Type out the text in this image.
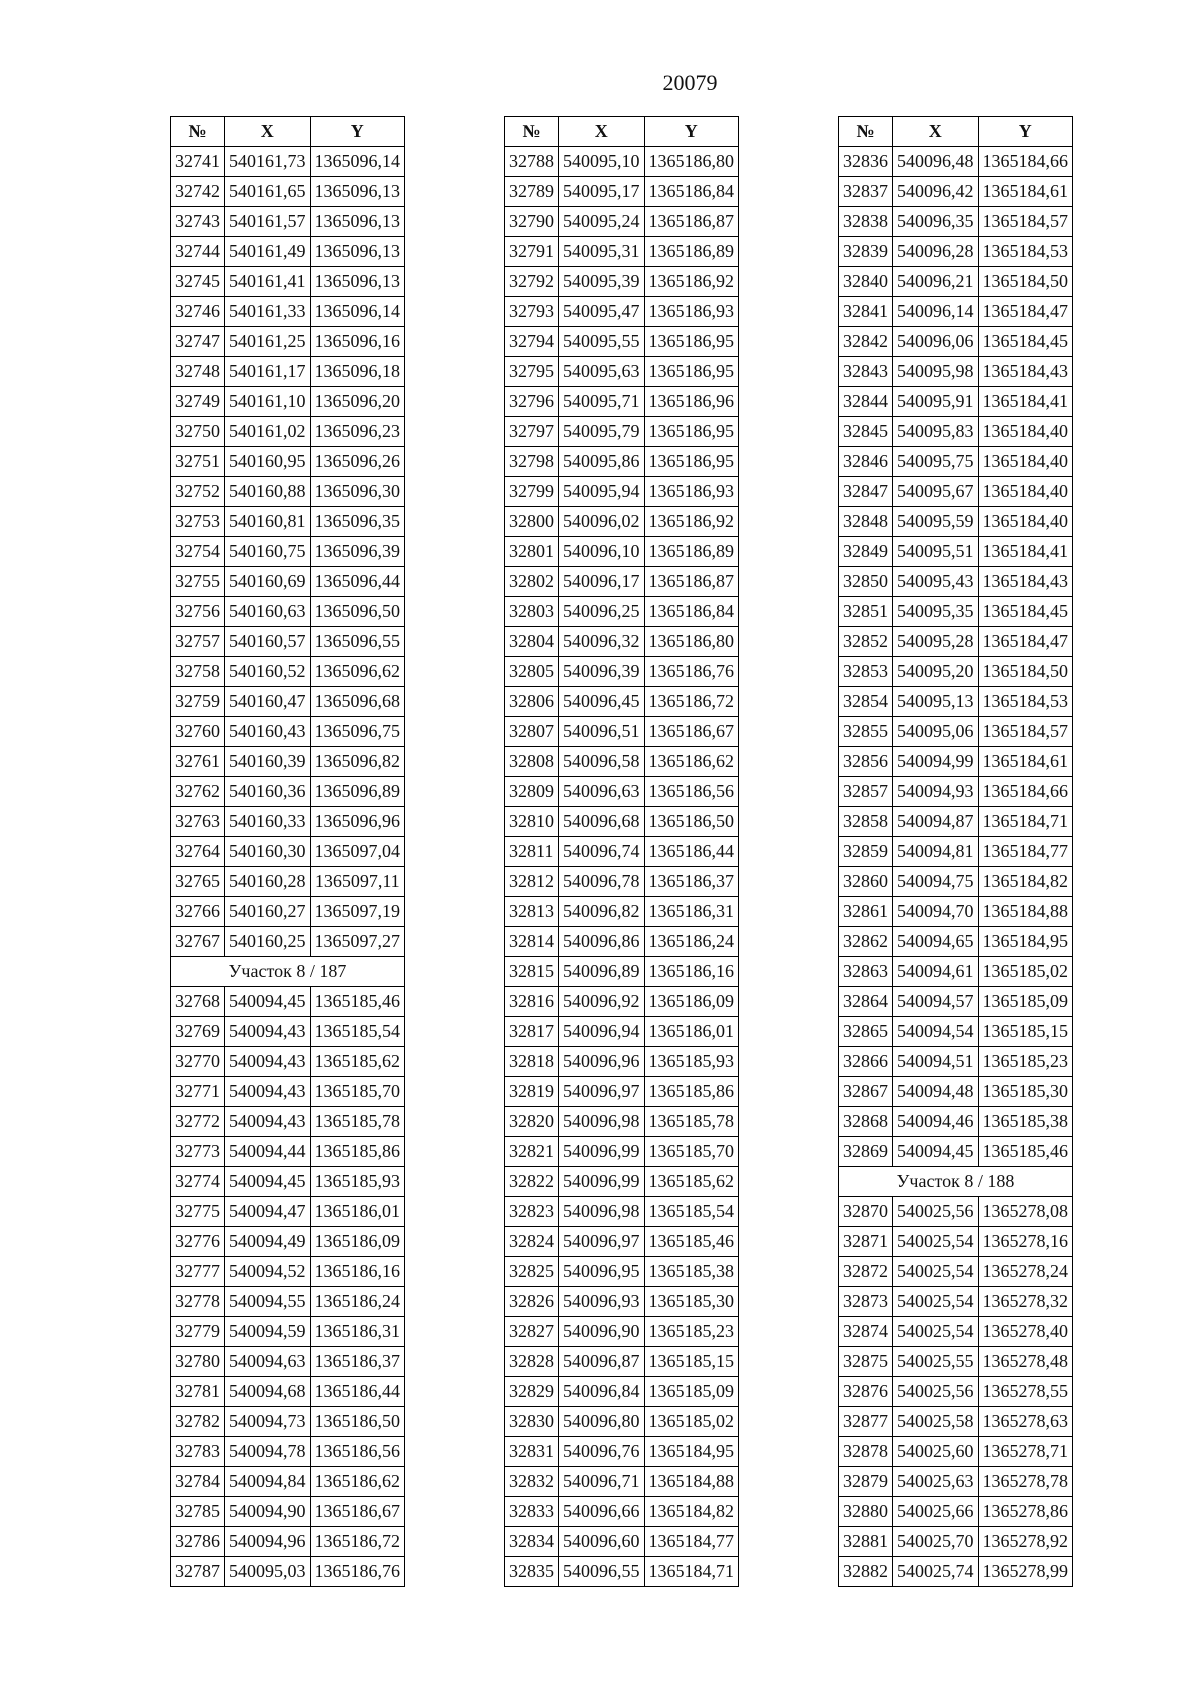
20079
№	X	Y
32741	540161,73	1365096,14
32742	540161,65	1365096,13
32743	540161,57	1365096,13
32744	540161,49	1365096,13
32745	540161,41	1365096,13
32746	540161,33	1365096,14
32747	540161,25	1365096,16
32748	540161,17	1365096,18
32749	540161,10	1365096,20
32750	540161,02	1365096,23
32751	540160,95	1365096,26
32752	540160,88	1365096,30
32753	540160,81	1365096,35
32754	540160,75	1365096,39
32755	540160,69	1365096,44
32756	540160,63	1365096,50
32757	540160,57	1365096,55
32758	540160,52	1365096,62
32759	540160,47	1365096,68
32760	540160,43	1365096,75
32761	540160,39	1365096,82
32762	540160,36	1365096,89
32763	540160,33	1365096,96
32764	540160,30	1365097,04
32765	540160,28	1365097,11
32766	540160,27	1365097,19
32767	540160,25	1365097,27
Участок 8 / 187		
32768	540094,45	1365185,46
32769	540094,43	1365185,54
32770	540094,43	1365185,62
32771	540094,43	1365185,70
32772	540094,43	1365185,78
32773	540094,44	1365185,86
32774	540094,45	1365185,93
32775	540094,47	1365186,01
32776	540094,49	1365186,09
32777	540094,52	1365186,16
32778	540094,55	1365186,24
32779	540094,59	1365186,31
32780	540094,63	1365186,37
32781	540094,68	1365186,44
32782	540094,73	1365186,50
32783	540094,78	1365186,56
32784	540094,84	1365186,62
32785	540094,90	1365186,67
32786	540094,96	1365186,72
32787	540095,03	1365186,76
№	X	Y
32788	540095,10	1365186,80
32789	540095,17	1365186,84
32790	540095,24	1365186,87
32791	540095,31	1365186,89
32792	540095,39	1365186,92
32793	540095,47	1365186,93
32794	540095,55	1365186,95
32795	540095,63	1365186,95
32796	540095,71	1365186,96
32797	540095,79	1365186,95
32798	540095,86	1365186,95
32799	540095,94	1365186,93
32800	540096,02	1365186,92
32801	540096,10	1365186,89
32802	540096,17	1365186,87
32803	540096,25	1365186,84
32804	540096,32	1365186,80
32805	540096,39	1365186,76
32806	540096,45	1365186,72
32807	540096,51	1365186,67
32808	540096,58	1365186,62
32809	540096,63	1365186,56
32810	540096,68	1365186,50
32811	540096,74	1365186,44
32812	540096,78	1365186,37
32813	540096,82	1365186,31
32814	540096,86	1365186,24
32815	540096,89	1365186,16
32816	540096,92	1365186,09
32817	540096,94	1365186,01
32818	540096,96	1365185,93
32819	540096,97	1365185,86
32820	540096,98	1365185,78
32821	540096,99	1365185,70
32822	540096,99	1365185,62
32823	540096,98	1365185,54
32824	540096,97	1365185,46
32825	540096,95	1365185,38
32826	540096,93	1365185,30
32827	540096,90	1365185,23
32828	540096,87	1365185,15
32829	540096,84	1365185,09
32830	540096,80	1365185,02
32831	540096,76	1365184,95
32832	540096,71	1365184,88
32833	540096,66	1365184,82
32834	540096,60	1365184,77
32835	540096,55	1365184,71
№	X	Y
32836	540096,48	1365184,66
32837	540096,42	1365184,61
32838	540096,35	1365184,57
32839	540096,28	1365184,53
32840	540096,21	1365184,50
32841	540096,14	1365184,47
32842	540096,06	1365184,45
32843	540095,98	1365184,43
32844	540095,91	1365184,41
32845	540095,83	1365184,40
32846	540095,75	1365184,40
32847	540095,67	1365184,40
32848	540095,59	1365184,40
32849	540095,51	1365184,41
32850	540095,43	1365184,43
32851	540095,35	1365184,45
32852	540095,28	1365184,47
32853	540095,20	1365184,50
32854	540095,13	1365184,53
32855	540095,06	1365184,57
32856	540094,99	1365184,61
32857	540094,93	1365184,66
32858	540094,87	1365184,71
32859	540094,81	1365184,77
32860	540094,75	1365184,82
32861	540094,70	1365184,88
32862	540094,65	1365184,95
32863	540094,61	1365185,02
32864	540094,57	1365185,09
32865	540094,54	1365185,15
32866	540094,51	1365185,23
32867	540094,48	1365185,30
32868	540094,46	1365185,38
32869	540094,45	1365185,46
Участок 8 / 188		
32870	540025,56	1365278,08
32871	540025,54	1365278,16
32872	540025,54	1365278,24
32873	540025,54	1365278,32
32874	540025,54	1365278,40
32875	540025,55	1365278,48
32876	540025,56	1365278,55
32877	540025,58	1365278,63
32878	540025,60	1365278,71
32879	540025,63	1365278,78
32880	540025,66	1365278,86
32881	540025,70	1365278,92
32882	540025,74	1365278,99
